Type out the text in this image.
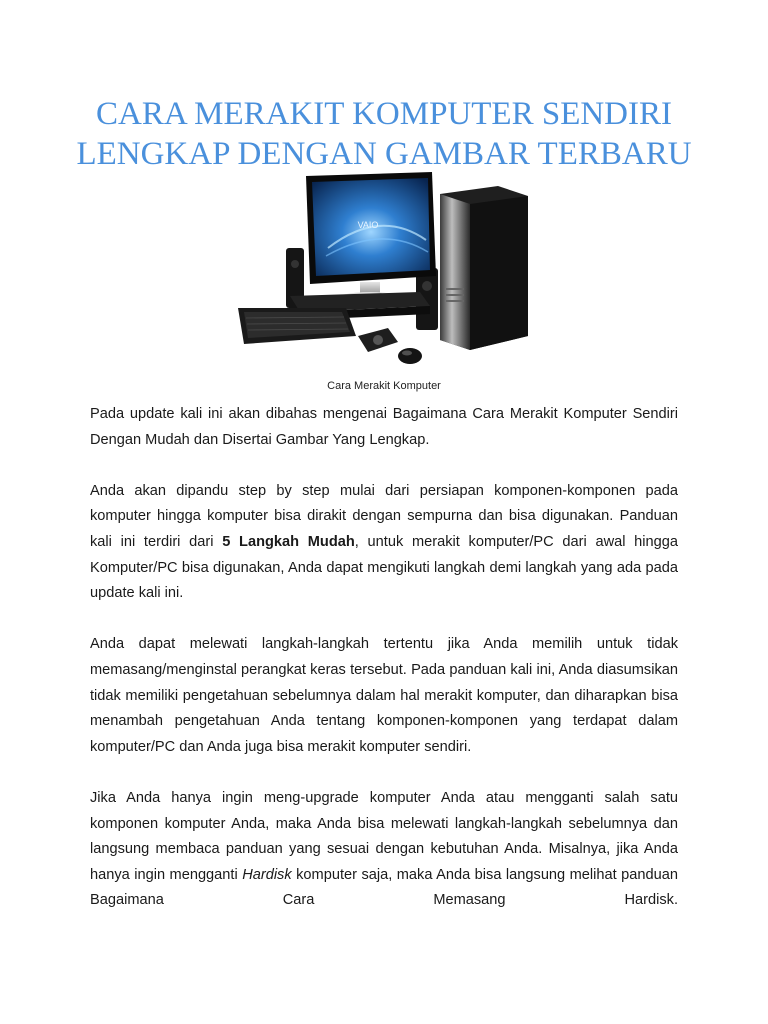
CARA MERAKIT KOMPUTER SENDIRI
LENGKAP DENGAN GAMBAR TERBARU
VAIO
Cara Merakit Komputer

Pada update kali ini akan dibahas mengenai Bagaimana Cara Merakit Komputer Sendiri Dengan Mudah dan Disertai Gambar Yang Lengkap.

Anda akan dipandu step by step mulai dari persiapan komponen-komponen pada komputer hingga komputer bisa dirakit dengan sempurna dan bisa digunakan. Panduan kali ini terdiri dari 5 Langkah Mudah, untuk merakit komputer/PC dari awal hingga Komputer/PC bisa digunakan, Anda dapat mengikuti langkah demi langkah yang ada pada update kali ini.

Anda dapat melewati langkah-langkah tertentu jika Anda memilih untuk tidak memasang/menginstal perangkat keras tersebut. Pada panduan kali ini, Anda diasumsikan tidak memiliki pengetahuan sebelumnya dalam hal merakit komputer, dan diharapkan bisa menambah pengetahuan Anda tentang komponen-komponen yang terdapat dalam komputer/PC dan Anda juga bisa merakit komputer sendiri.

Jika Anda hanya ingin meng-upgrade komputer Anda atau mengganti salah satu komponen komputer Anda, maka Anda bisa melewati langkah-langkah sebelumnya dan langsung membaca panduan yang sesuai dengan kebutuhan Anda. Misalnya, jika Anda hanya ingin mengganti Hardisk komputer saja, maka Anda bisa langsung melihat panduan Bagaimana Cara Memasang Hardisk.
